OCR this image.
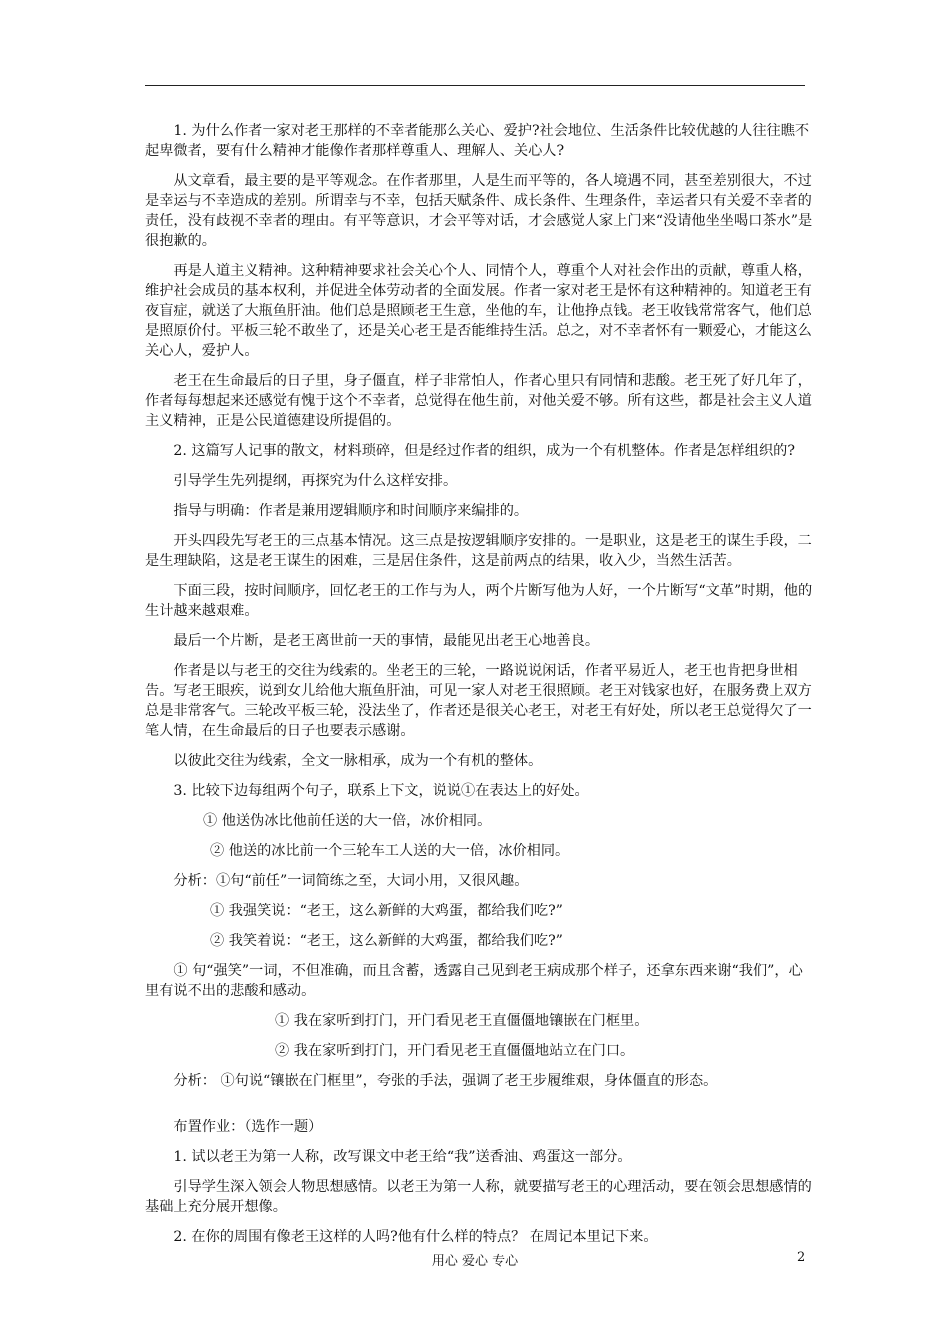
1. 为什么作者一家对老王那样的不幸者能那么关心、爱护?社会地位、生活条件比较优越的人往往瞧不起卑微者，要有什么精神才能像作者那样尊重人、理解人、关心人?

从文章看，最主要的是平等观念。在作者那里，人是生而平等的，各人境遇不同，甚至差别很大，不过是幸运与不幸造成的差别。所谓幸与不幸，包括天赋条件、成长条件、生理条件，幸运者只有关爱不幸者的责任，没有歧视不幸者的理由。有平等意识，才会平等对话，才会感觉人家上门来“没请他坐坐喝口茶水”是很抱歉的。

再是人道主义精神。这种精神要求社会关心个人、同情个人，尊重个人对社会作出的贡献，尊重人格，维护社会成员的基本权利，并促进全体劳动者的全面发展。作者一家对老王是怀有这种精神的。知道老王有夜盲症，就送了大瓶鱼肝油。他们总是照顾老王生意，坐他的车，让他挣点钱。老王收钱常常客气，他们总是照原价付。平板三轮不敢坐了，还是关心老王是否能维持生活。总之，对不幸者怀有一颗爱心，才能这么关心人，爱护人。

老王在生命最后的日子里，身子僵直，样子非常怕人，作者心里只有同情和悲酸。老王死了好几年了，作者每每想起来还感觉有愧于这个不幸者，总觉得在他生前，对他关爱不够。所有这些，都是社会主义人道主义精神，正是公民道德建设所提倡的。

2. 这篇写人记事的散文，材料琐碎，但是经过作者的组织，成为一个有机整体。作者是怎样组织的?

引导学生先列提纲，再探究为什么这样安排。

指导与明确：作者是兼用逻辑顺序和时间顺序来编排的。

开头四段先写老王的三点基本情况。这三点是按逻辑顺序安排的。一是职业，这是老王的谋生手段，二是生理缺陷，这是老王谋生的困难，三是居住条件，这是前两点的结果，收入少，当然生活苦。

下面三段，按时间顺序，回忆老王的工作与为人，两个片断写他为人好，一个片断写“文革”时期，他的生计越来越艰难。

最后一个片断，是老王离世前一天的事情，最能见出老王心地善良。

作者是以与老王的交往为线索的。坐老王的三轮，一路说说闲话，作者平易近人，老王也肯把身世相告。写老王眼疾，说到女儿给他大瓶鱼肝油，可见一家人对老王很照顾。老王对钱家也好，在服务费上双方总是非常客气。三轮改平板三轮，没法坐了，作者还是很关心老王，对老王有好处，所以老王总觉得欠了一笔人情，在生命最后的日子也要表示感谢。

以彼此交往为线索，全文一脉相承，成为一个有机的整体。

3. 比较下边每组两个句子，联系上下文，说说①在表达上的好处。

① 他送伪冰比他前任送的大一倍，冰价相同。

② 他送的冰比前一个三轮车工人送的大一倍，冰价相同。

分析：①句“前任”一词简练之至，大词小用，又很风趣。

① 我强笑说：“老王，这么新鲜的大鸡蛋，都给我们吃?”

② 我笑着说：“老王，这么新鲜的大鸡蛋，都给我们吃?”

① 句“强笑”一词，不但准确，而且含蓄，透露自己见到老王病成那个样子，还拿东西来谢“我们”，心里有说不出的悲酸和感动。

① 我在家听到打门，开门看见老王直僵僵地镶嵌在门框里。

② 我在家听到打门，开门看见老王直僵僵地站立在门口。

分析： ①句说“镶嵌在门框里”，夸张的手法，强调了老王步履维艰，身体僵直的形态。

布置作业：（选作一题）

1. 试以老王为第一人称，改写课文中老王给“我”送香油、鸡蛋这一部分。

引导学生深入领会人物思想感情。以老王为第一人称，就要描写老王的心理活动，要在领会思想感情的基础上充分展开想像。

2. 在你的周围有像老王这样的人吗?他有什么样的特点？ 在周记本里记下来。

用心 爱心 专心	2
